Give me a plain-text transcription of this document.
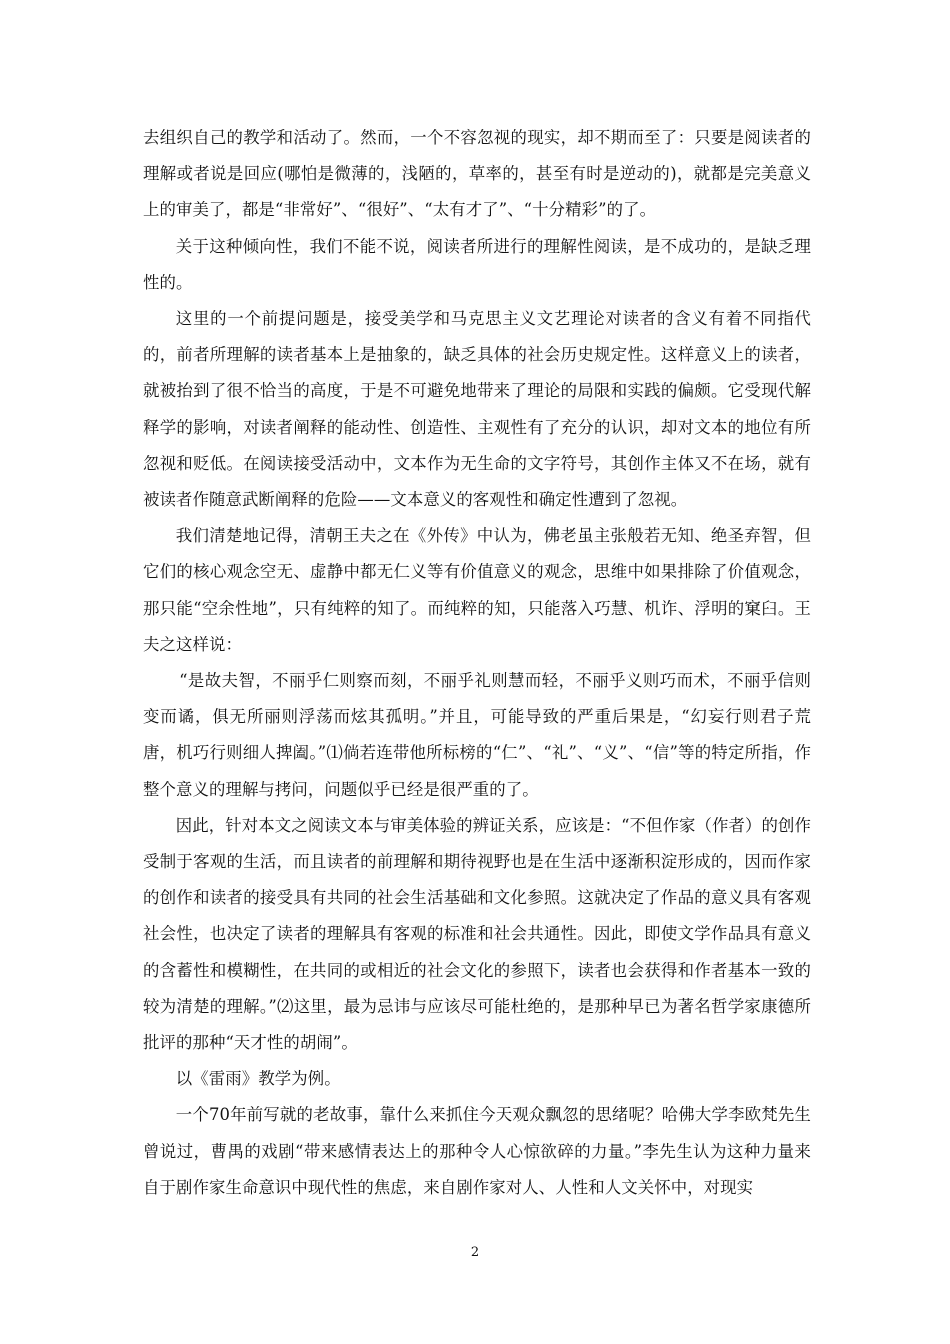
去组织自己的教学和活动了。然而，一个不容忽视的现实，却不期而至了：只要是阅读者的理解或者说是回应(哪怕是微薄的，浅陋的，草率的，甚至有时是逆动的)，就都是完美意义上的审美了，都是“非常好”、“很好”、“太有才了”、“十分精彩”的了。

关于这种倾向性，我们不能不说，阅读者所进行的理解性阅读，是不成功的，是缺乏理性的。

这里的一个前提问题是，接受美学和马克思主义文艺理论对读者的含义有着不同指代的，前者所理解的读者基本上是抽象的，缺乏具体的社会历史规定性。这样意义上的读者，就被抬到了很不恰当的高度，于是不可避免地带来了理论的局限和实践的偏颇。它受现代解释学的影响，对读者阐释的能动性、创造性、主观性有了充分的认识，却对文本的地位有所忽视和贬低。在阅读接受活动中，文本作为无生命的文字符号，其创作主体又不在场，就有被读者作随意武断阐释的危险——文本意义的客观性和确定性遭到了忽视。

我们清楚地记得，清朝王夫之在《外传》中认为，佛老虽主张般若无知、绝圣弃智，但它们的核心观念空无、虚静中都无仁义等有价值意义的观念，思维中如果排除了价值观念，那只能“空余性地”，只有纯粹的知了。而纯粹的知，只能落入巧慧、机诈、浮明的窠臼。王夫之这样说：

“是故夫智，不丽乎仁则察而刻，不丽乎礼则慧而轻，不丽乎义则巧而术，不丽乎信则变而谲，俱无所丽则浮荡而炫其孤明。”并且，可能导致的严重后果是，“幻妄行则君子荒唐，机巧行则细人捭阖。”⑴倘若连带他所标榜的“仁”、“礼”、“义”、“信”等的特定所指，作整个意义的理解与拷问，问题似乎已经是很严重的了。

因此，针对本文之阅读文本与审美体验的辨证关系，应该是：“不但作家（作者）的创作受制于客观的生活，而且读者的前理解和期待视野也是在生活中逐渐积淀形成的，因而作家的创作和读者的接受具有共同的社会生活基础和文化参照。这就决定了作品的意义具有客观社会性，也决定了读者的理解具有客观的标准和社会共通性。因此，即使文学作品具有意义的含蓄性和模糊性，在共同的或相近的社会文化的参照下，读者也会获得和作者基本一致的较为清楚的理解。”⑵这里，最为忌讳与应该尽可能杜绝的，是那种早已为著名哲学家康德所批评的那种“天才性的胡闹”。

以《雷雨》教学为例。

一个70年前写就的老故事，靠什么来抓住今天观众飘忽的思绪呢？哈佛大学李欧梵先生曾说过，曹禺的戏剧“带来感情表达上的那种令人心惊欲碎的力量。”李先生认为这种力量来自于剧作家生命意识中现代性的焦虑，来自剧作家对人、人性和人文关怀中，对现实

2
